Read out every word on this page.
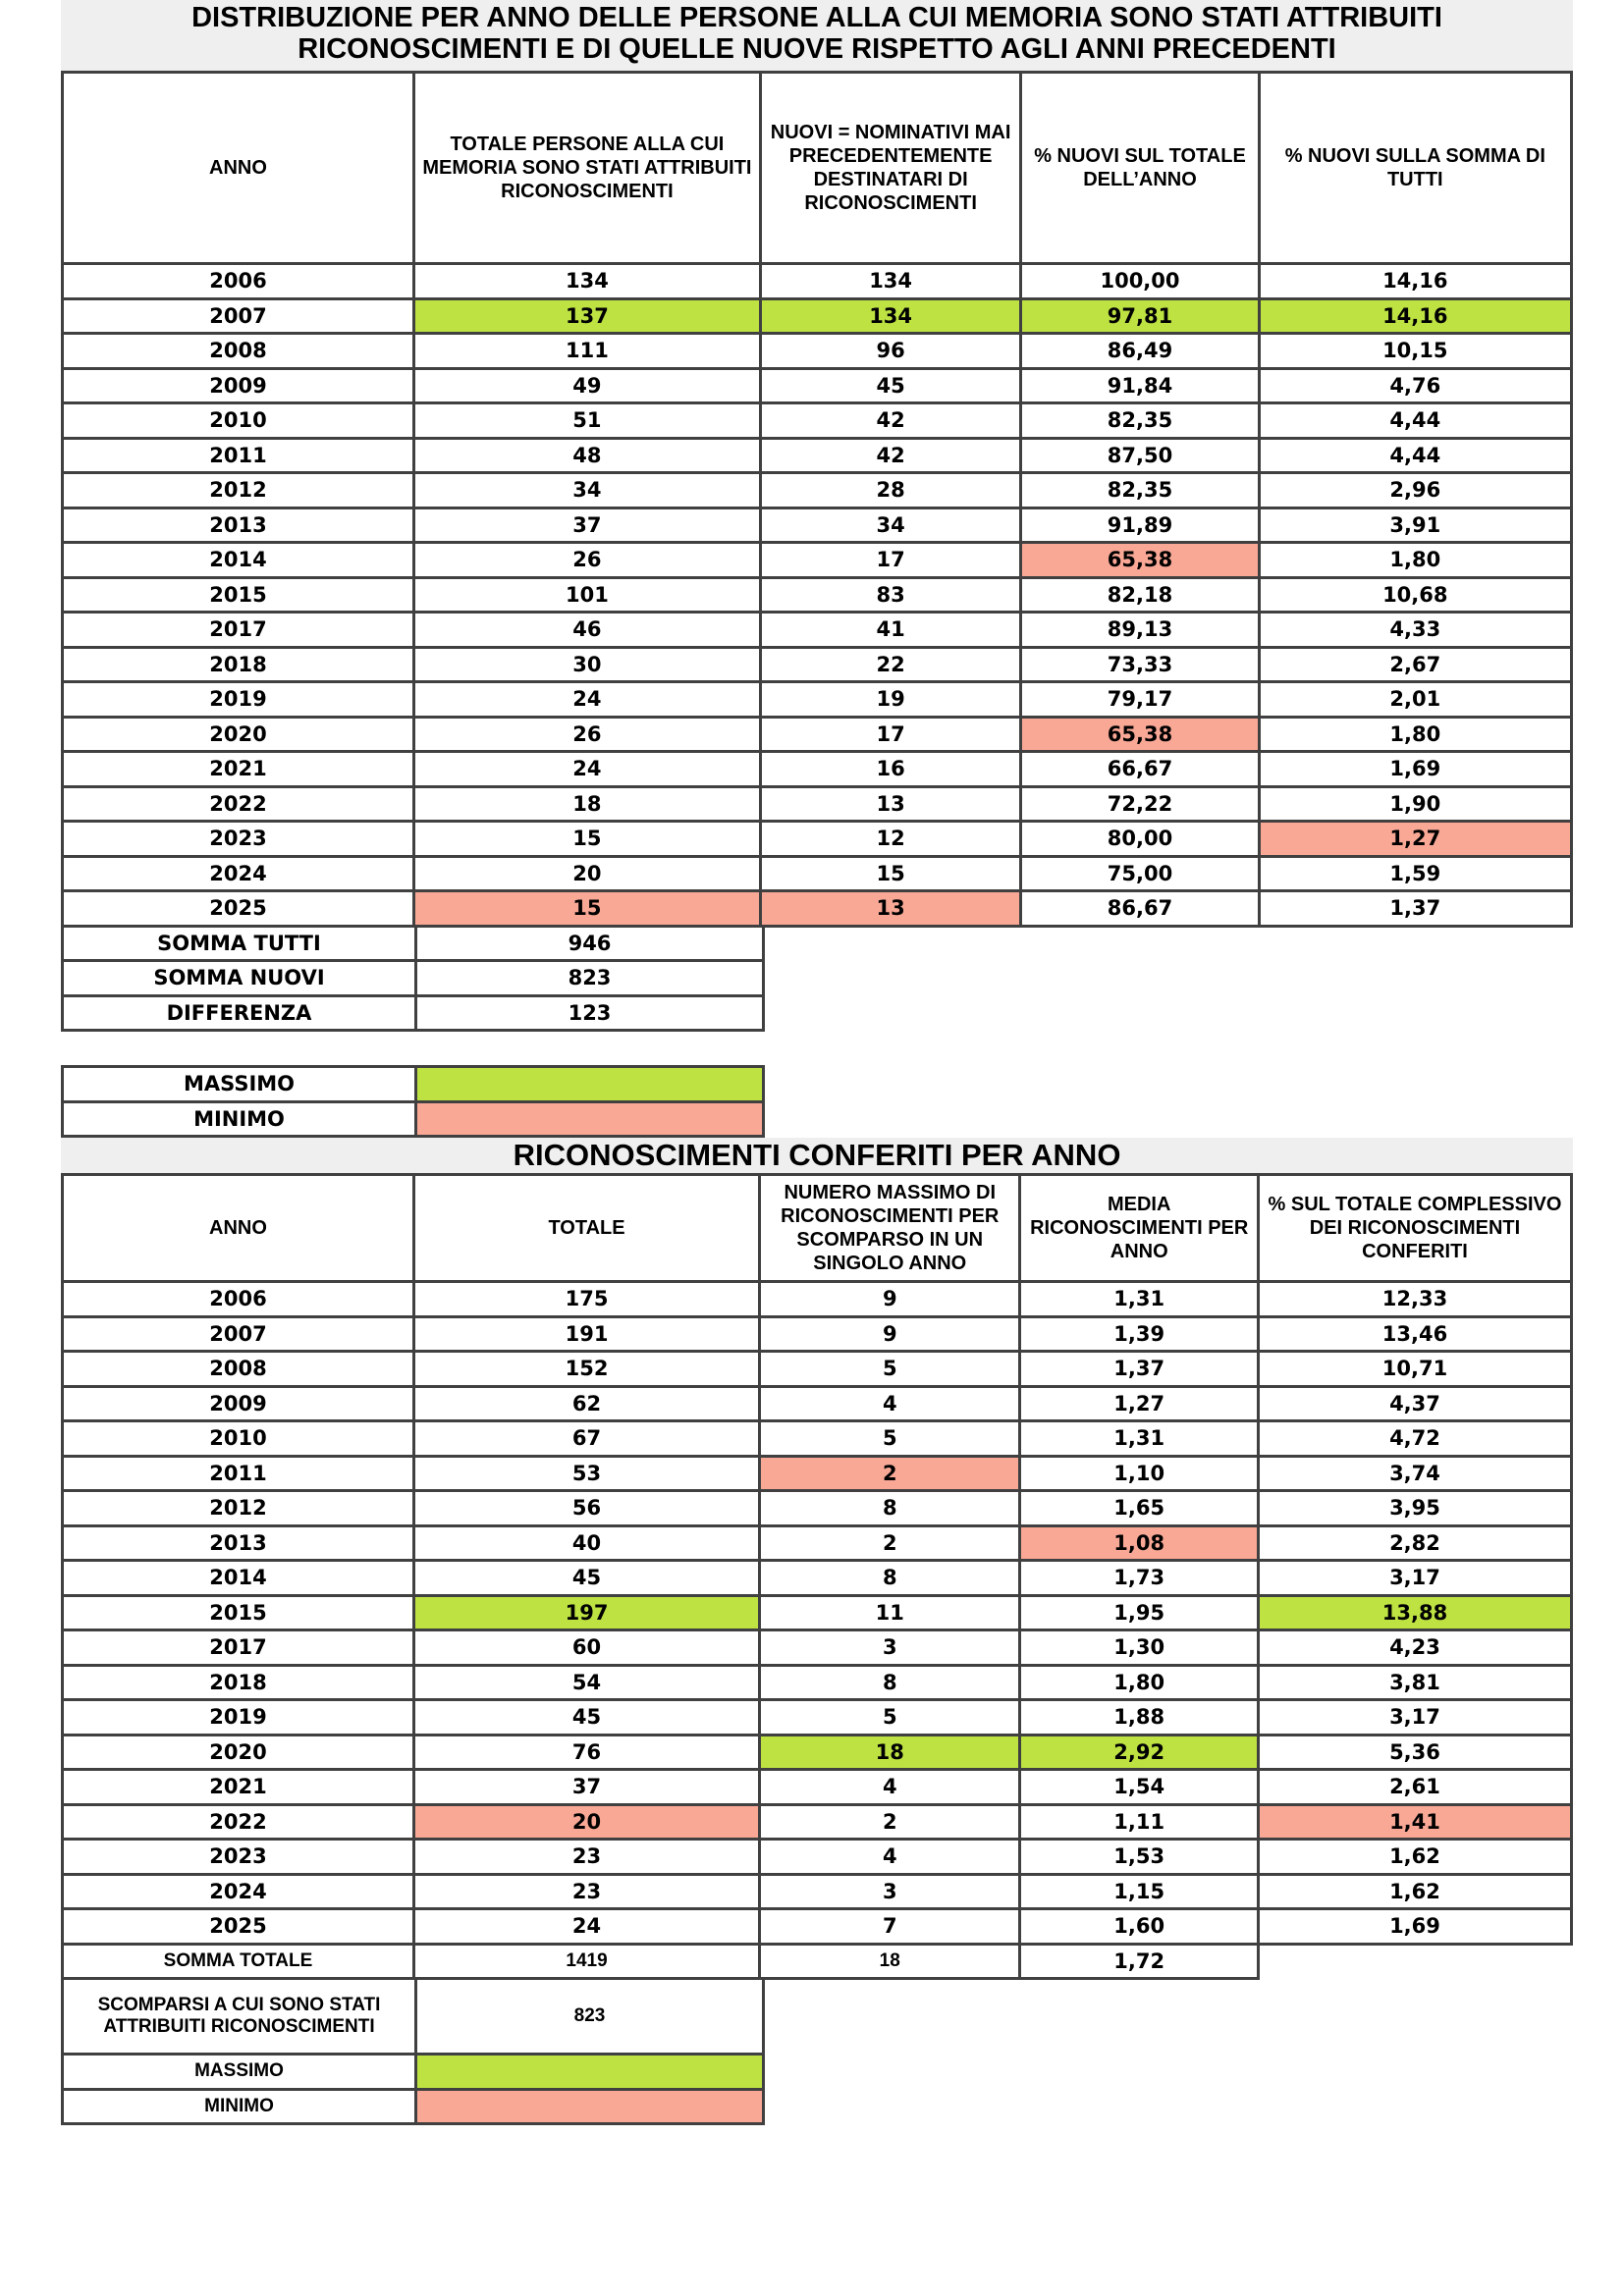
DISTRIBUZIONE PER ANNO DELLE PERSONE ALLA CUI MEMORIA SONO STATI ATTRIBUITI
RICONOSCIMENTI E DI QUELLE NUOVE RISPETTO AGLI ANNI PRECEDENTI
ANNO	TOTALE PERSONE ALLA CUI MEMORIA SONO STATI ATTRIBUITI RICONOSCIMENTI	NUOVI = NOMINATIVI MAI PRECEDENTEMENTE DESTINATARI DI RICONOSCIMENTI	% NUOVI SUL TOTALE DELL’ANNO	% NUOVI SULLA SOMMA DI TUTTI
2006	134	134	100,00	14,16
2007	137	134	97,81	14,16
2008	111	96	86,49	10,15
2009	49	45	91,84	4,76
2010	51	42	82,35	4,44
2011	48	42	87,50	4,44
2012	34	28	82,35	2,96
2013	37	34	91,89	3,91
2014	26	17	65,38	1,80
2015	101	83	82,18	10,68
2017	46	41	89,13	4,33
2018	30	22	73,33	2,67
2019	24	19	79,17	2,01
2020	26	17	65,38	1,80
2021	24	16	66,67	1,69
2022	18	13	72,22	1,90
2023	15	12	80,00	1,27
2024	20	15	75,00	1,59
2025	15	13	86,67	1,37
SOMMA TUTTI	946
SOMMA NUOVI	823
DIFFERENZA	123
MASSIMO	
MINIMO	
RICONOSCIMENTI CONFERITI PER ANNO
ANNO	TOTALE	NUMERO MASSIMO DI RICONOSCIMENTI PER SCOMPARSO IN UN SINGOLO ANNO	MEDIA RICONOSCIMENTI PER ANNO	% SUL TOTALE COMPLESSIVO DEI RICONOSCIMENTI CONFERITI
2006	175	9	1,31	12,33
2007	191	9	1,39	13,46
2008	152	5	1,37	10,71
2009	62	4	1,27	4,37
2010	67	5	1,31	4,72
2011	53	2	1,10	3,74
2012	56	8	1,65	3,95
2013	40	2	1,08	2,82
2014	45	8	1,73	3,17
2015	197	11	1,95	13,88
2017	60	3	1,30	4,23
2018	54	8	1,80	3,81
2019	45	5	1,88	3,17
2020	76	18	2,92	5,36
2021	37	4	1,54	2,61
2022	20	2	1,11	1,41
2023	23	4	1,53	1,62
2024	23	3	1,15	1,62
2025	24	7	1,60	1,69
SOMMA TOTALE	1419	18	1,72	
SCOMPARSI A CUI SONO STATI ATTRIBUITI RICONOSCIMENTI	823
MASSIMO	
MINIMO	
